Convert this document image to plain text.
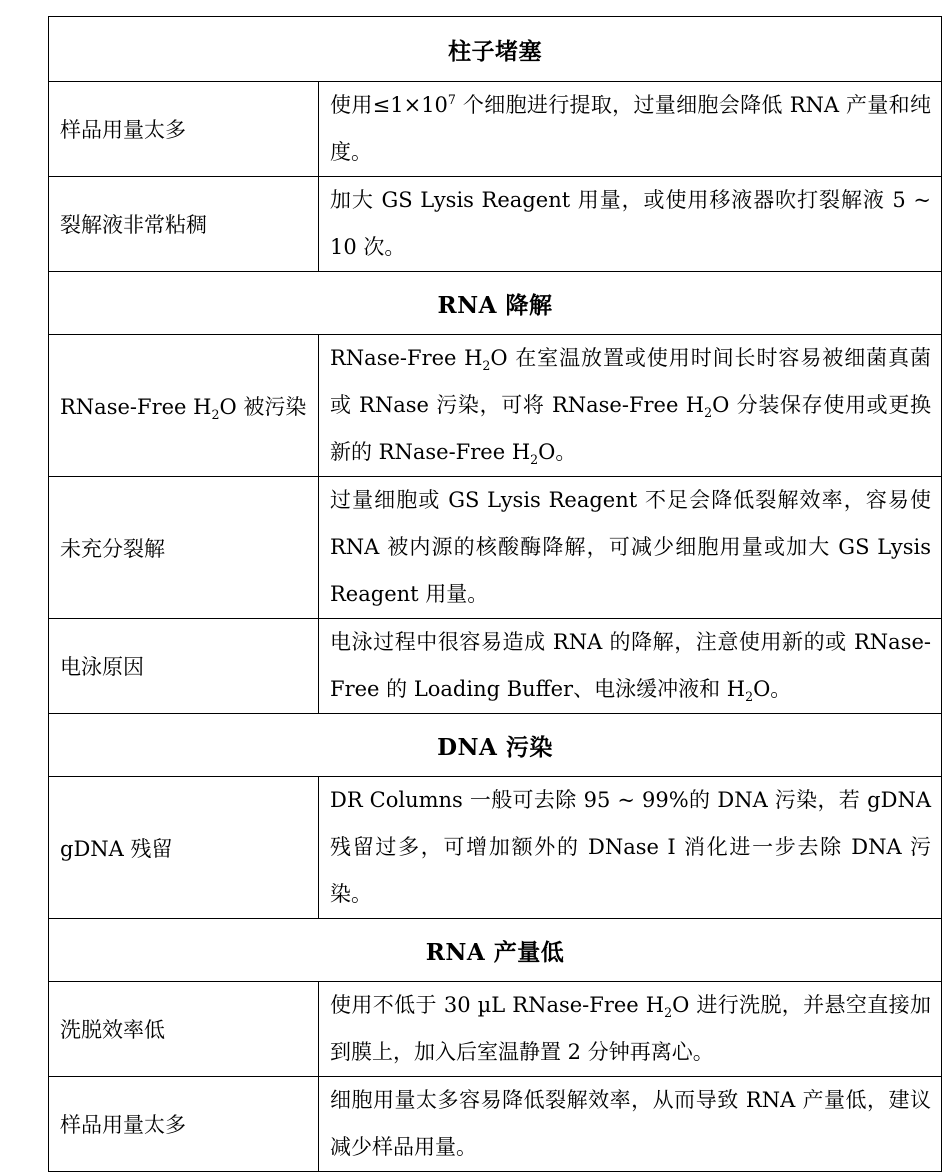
柱子堵塞	
样品用量太多	使用$\le 1\times 10^7$ 个细胞进行提取，过量细胞会降低 RNA 产量和纯度。
裂解液非常粘稠	加大 GS Lysis Reagent 用量，或使用移液器吹打裂解液 5 ~ 10 次。
RNA 降解	
RNase-Free $H_2O$ 被污染	RNase-Free $H_2O$ 在室温放置或使用时间长时容易被细菌真菌或 RNase 污染，可将 RNase-Free $H_2O$ 分装保存使用或更换新的 RNase-Free $H_2O$。
未充分裂解	过量细胞或 GS Lysis Reagent 不足会降低裂解效率，容易使 RNA 被内源的核酸酶降解，可减少细胞用量或加大 GS Lysis Reagent 用量。
电泳原因	电泳过程中很容易造成 RNA 的降解，注意使用新的或 RNase-Free 的 Loading Buffer、电泳缓冲液和 $H_2O$。
DNA 污染	
gDNA 残留	DR Columns 一般可去除 95 ~ 99%的 DNA 污染，若 gDNA 残留过多，可增加额外的 DNase I 消化进一步去除 DNA 污染。
RNA 产量低	
洗脱效率低	使用不低于 30 µL RNase-Free $H_2O$ 进行洗脱，并悬空直接加到膜上，加入后室温静置 2 分钟再离心。
样品用量太多	细胞用量太多容易降低裂解效率，从而导致 RNA 产量低，建议减少样品用量。
